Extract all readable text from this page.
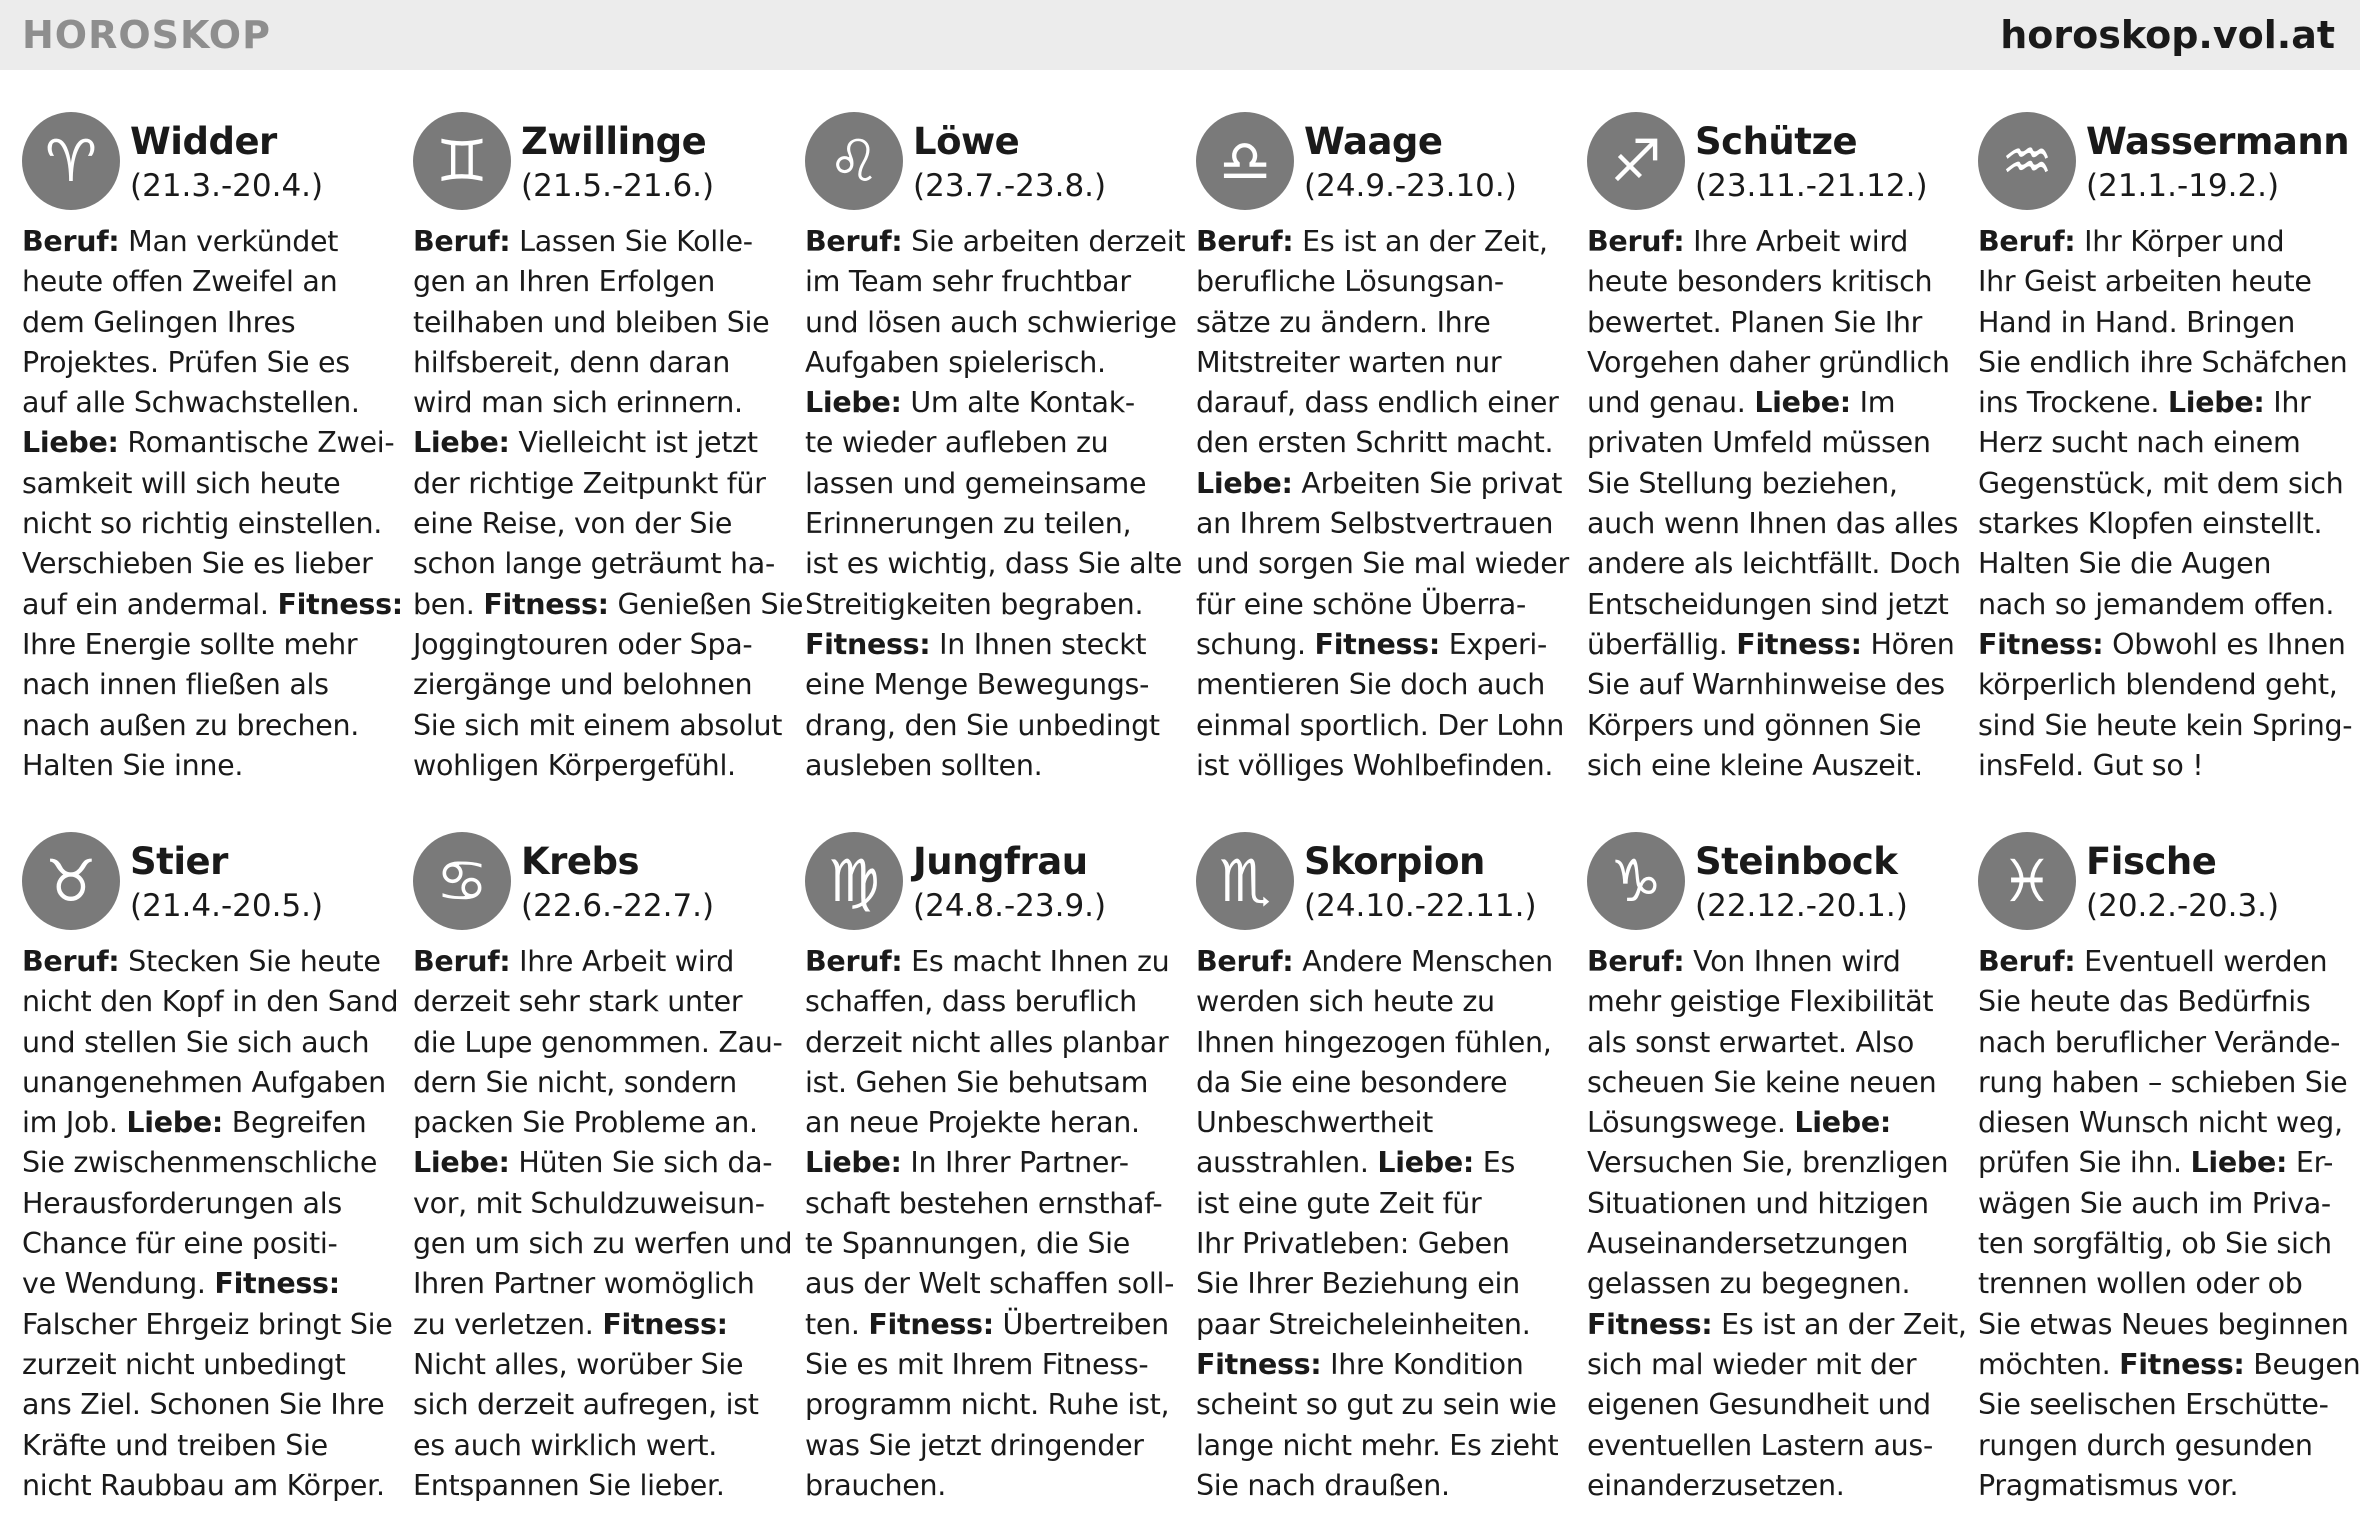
HOROSKOP	horoskop.vol.at
♈ Widder
(21.3.-20.4.)
Beruf: Man verkündet
heute offen Zweifel an
dem Gelingen Ihres
Projektes. Prüfen Sie es
auf alle Schwachstellen.
Liebe: Romantische Zwei-
samkeit will sich heute
nicht so richtig einstellen.
Verschieben Sie es lieber
auf ein andermal. Fitness:
Ihre Energie sollte mehr
nach innen fließen als
nach außen zu brechen.
Halten Sie inne.
♊ Zwillinge
(21.5.-21.6.)
Beruf: Lassen Sie Kolle-
gen an Ihren Erfolgen
teilhaben und bleiben Sie
hilfsbereit, denn daran
wird man sich erinnern.
Liebe: Vielleicht ist jetzt
der richtige Zeitpunkt für
eine Reise, von der Sie
schon lange geträumt ha-
ben. Fitness: Genießen Sie
Joggingtouren oder Spa-
ziergänge und belohnen
Sie sich mit einem absolut
wohligen Körpergefühl.
♌ Löwe
(23.7.-23.8.)
Beruf: Sie arbeiten derzeit
im Team sehr fruchtbar
und lösen auch schwierige
Aufgaben spielerisch.
Liebe: Um alte Kontak-
te wieder aufleben zu
lassen und gemeinsame
Erinnerungen zu teilen,
ist es wichtig, dass Sie alte
Streitigkeiten begraben.
Fitness: In Ihnen steckt
eine Menge Bewegungs-
drang, den Sie unbedingt
ausleben sollten.
♎ Waage
(24.9.-23.10.)
Beruf: Es ist an der Zeit,
berufliche Lösungsan-
sätze zu ändern. Ihre
Mitstreiter warten nur
darauf, dass endlich einer
den ersten Schritt macht.
Liebe: Arbeiten Sie privat
an Ihrem Selbstvertrauen
und sorgen Sie mal wieder
für eine schöne Überra-
schung. Fitness: Experi-
mentieren Sie doch auch
einmal sportlich. Der Lohn
ist völliges Wohlbefinden.
♐ Schütze
(23.11.-21.12.)
Beruf: Ihre Arbeit wird
heute besonders kritisch
bewertet. Planen Sie Ihr
Vorgehen daher gründlich
und genau. Liebe: Im
privaten Umfeld müssen
Sie Stellung beziehen,
auch wenn Ihnen das alles
andere als leichtfällt. Doch
Entscheidungen sind jetzt
überfällig. Fitness: Hören
Sie auf Warnhinweise des
Körpers und gönnen Sie
sich eine kleine Auszeit.
♒ Wassermann
(21.1.-19.2.)
Beruf: Ihr Körper und
Ihr Geist arbeiten heute
Hand in Hand. Bringen
Sie endlich ihre Schäfchen
ins Trockene. Liebe: Ihr
Herz sucht nach einem
Gegenstück, mit dem sich
starkes Klopfen einstellt.
Halten Sie die Augen
nach so jemandem offen.
Fitness: Obwohl es Ihnen
körperlich blendend geht,
sind Sie heute kein Spring-
insFeld. Gut so !
♉ Stier
(21.4.-20.5.)
Beruf: Stecken Sie heute
nicht den Kopf in den Sand
und stellen Sie sich auch
unangenehmen Aufgaben
im Job. Liebe: Begreifen
Sie zwischenmenschliche
Herausforderungen als
Chance für eine positi-
ve Wendung. Fitness:
Falscher Ehrgeiz bringt Sie
zurzeit nicht unbedingt
ans Ziel. Schonen Sie Ihre
Kräfte und treiben Sie
nicht Raubbau am Körper.
♋ Krebs
(22.6.-22.7.)
Beruf: Ihre Arbeit wird
derzeit sehr stark unter
die Lupe genommen. Zau-
dern Sie nicht, sondern
packen Sie Probleme an.
Liebe: Hüten Sie sich da-
vor, mit Schuldzuweisun-
gen um sich zu werfen und
Ihren Partner womöglich
zu verletzen. Fitness:
Nicht alles, worüber Sie
sich derzeit aufregen, ist
es auch wirklich wert.
Entspannen Sie lieber.
♍ Jungfrau
(24.8.-23.9.)
Beruf: Es macht Ihnen zu
schaffen, dass beruflich
derzeit nicht alles planbar
ist. Gehen Sie behutsam
an neue Projekte heran.
Liebe: In Ihrer Partner-
schaft bestehen ernsthaf-
te Spannungen, die Sie
aus der Welt schaffen soll-
ten. Fitness: Übertreiben
Sie es mit Ihrem Fitness-
programm nicht. Ruhe ist,
was Sie jetzt dringender
brauchen.
♏ Skorpion
(24.10.-22.11.)
Beruf: Andere Menschen
werden sich heute zu
Ihnen hingezogen fühlen,
da Sie eine besondere
Unbeschwertheit
ausstrahlen. Liebe: Es
ist eine gute Zeit für
Ihr Privatleben: Geben
Sie Ihrer Beziehung ein
paar Streicheleinheiten.
Fitness: Ihre Kondition
scheint so gut zu sein wie
lange nicht mehr. Es zieht
Sie nach draußen.
♑ Steinbock
(22.12.-20.1.)
Beruf: Von Ihnen wird
mehr geistige Flexibilität
als sonst erwartet. Also
scheuen Sie keine neuen
Lösungswege. Liebe:
Versuchen Sie, brenzligen
Situationen und hitzigen
Auseinandersetzungen
gelassen zu begegnen.
Fitness: Es ist an der Zeit,
sich mal wieder mit der
eigenen Gesundheit und
eventuellen Lastern aus-
einanderzusetzen.
♓ Fische
(20.2.-20.3.)
Beruf: Eventuell werden
Sie heute das Bedürfnis
nach beruflicher Verände-
rung haben – schieben Sie
diesen Wunsch nicht weg,
prüfen Sie ihn. Liebe: Er-
wägen Sie auch im Priva-
ten sorgfältig, ob Sie sich
trennen wollen oder ob
Sie etwas Neues beginnen
möchten. Fitness: Beugen
Sie seelischen Erschütte-
rungen durch gesunden
Pragmatismus vor.
